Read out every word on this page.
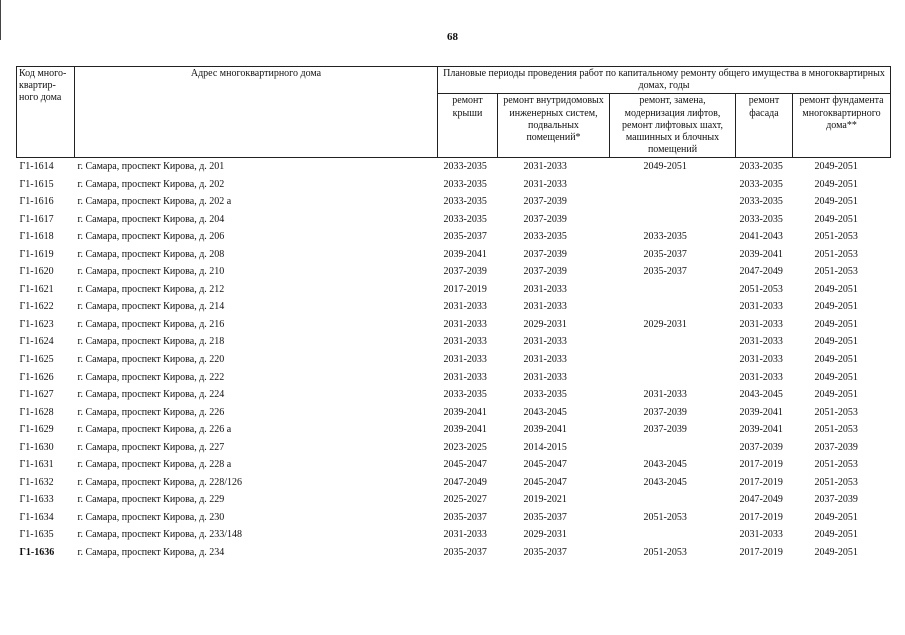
68
Код много-квартир-ного дома	Адрес многоквартирного дома	Плановые периоды проведения работ по капитальному ремонту общего имущества в многоквартирных домах, годы				
		ремонт крыши	ремонт внутридомовых инженерных систем, подвальных помещений*	ремонт, замена, модернизация лифтов, ремонт лифтовых шахт, машинных и блочных помещений	ремонт фасада	ремонт фундамента многоквартирного дома**
Г1-1614	г. Самара, проспект Кирова, д. 201	2033-2035	2031-2033	2049-2051	2033-2035	2049-2051
Г1-1615	г. Самара, проспект Кирова, д. 202	2033-2035	2031-2033		2033-2035	2049-2051
Г1-1616	г. Самара, проспект Кирова, д. 202 а	2033-2035	2037-2039		2033-2035	2049-2051
Г1-1617	г. Самара, проспект Кирова, д. 204	2033-2035	2037-2039		2033-2035	2049-2051
Г1-1618	г. Самара, проспект Кирова, д. 206	2035-2037	2033-2035	2033-2035	2041-2043	2051-2053
Г1-1619	г. Самара, проспект Кирова, д. 208	2039-2041	2037-2039	2035-2037	2039-2041	2051-2053
Г1-1620	г. Самара, проспект Кирова, д. 210	2037-2039	2037-2039	2035-2037	2047-2049	2051-2053
Г1-1621	г. Самара, проспект Кирова, д. 212	2017-2019	2031-2033		2051-2053	2049-2051
Г1-1622	г. Самара, проспект Кирова, д. 214	2031-2033	2031-2033		2031-2033	2049-2051
Г1-1623	г. Самара, проспект Кирова, д. 216	2031-2033	2029-2031	2029-2031	2031-2033	2049-2051
Г1-1624	г. Самара, проспект Кирова, д. 218	2031-2033	2031-2033		2031-2033	2049-2051
Г1-1625	г. Самара, проспект Кирова, д. 220	2031-2033	2031-2033		2031-2033	2049-2051
Г1-1626	г. Самара, проспект Кирова, д. 222	2031-2033	2031-2033		2031-2033	2049-2051
Г1-1627	г. Самара, проспект Кирова, д. 224	2033-2035	2033-2035	2031-2033	2043-2045	2049-2051
Г1-1628	г. Самара, проспект Кирова, д. 226	2039-2041	2043-2045	2037-2039	2039-2041	2051-2053
Г1-1629	г. Самара, проспект Кирова, д. 226 а	2039-2041	2039-2041	2037-2039	2039-2041	2051-2053
Г1-1630	г. Самара, проспект Кирова, д. 227	2023-2025	2014-2015		2037-2039	2037-2039
Г1-1631	г. Самара, проспект Кирова, д. 228 а	2045-2047	2045-2047	2043-2045	2017-2019	2051-2053
Г1-1632	г. Самара, проспект Кирова, д. 228/126	2047-2049	2045-2047	2043-2045	2017-2019	2051-2053
Г1-1633	г. Самара, проспект Кирова, д. 229	2025-2027	2019-2021		2047-2049	2037-2039
Г1-1634	г. Самара, проспект Кирова, д. 230	2035-2037	2035-2037	2051-2053	2017-2019	2049-2051
Г1-1635	г. Самара, проспект Кирова, д. 233/148	2031-2033	2029-2031		2031-2033	2049-2051
Г1-1636	г. Самара, проспект Кирова, д. 234	2035-2037	2035-2037	2051-2053	2017-2019	2049-2051
